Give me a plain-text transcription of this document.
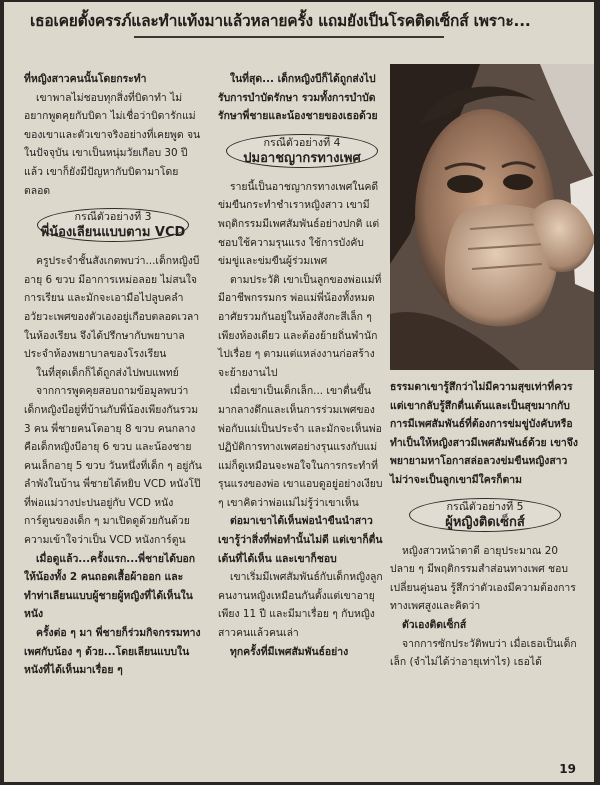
เธอเคยตั้งครรภ์และทำแท้งมาแล้วหลายครั้ง แถมยังเป็นโรคติดเซ็กส์ เพราะ...

ที่หญิงสาวคนนั้นโดยกระทำ

เขาพาลไม่ชอบทุกสิ่งที่บิดาทำ ไม่อยากพูดคุยกับบิดา ไม่เชื่อว่าบิดารักแม่ของเขาและตัวเขาจริงอย่างที่เคยพูด จนในปัจจุบัน เขาเป็นหนุ่มวัยเกือบ 30 ปีแล้ว เขาก็ยังมีปัญหากับบิดามาโดยตลอด

กรณีตัวอย่างที่ 3
พี่น้องเลียนแบบตาม VCD

ครูประจำชั้นสังเกตพบว่า...เด็กหญิงบี อายุ 6 ขวบ มีอาการเหม่อลอย ไม่สนใจการเรียน และมักจะเอามือไปลูบคลำอวัยวะเพศของตัวเองอยู่เกือบตลอดเวลาในห้องเรียน จึงได้ปรึกษากับพยาบาลประจำห้องพยาบาลของโรงเรียน

ในที่สุดเด็กก็ได้ถูกส่งไปพบแพทย์

จากการพูดคุยสอบถามข้อมูลพบว่าเด็กหญิงบีอยู่ที่บ้านกับพี่น้องเพียงกันรวม 3 คน พี่ชายคนโตอายุ 8 ขวบ คนกลางคือเด็กหญิงบีอายุ 6 ขวบ และน้องชายคนเล็กอายุ 5 ขวบ วันหนึ่งที่เด็ก ๆ อยู่กันลำพังในบ้าน พี่ชายได้หยิบ VCD หนังโป๊ที่พ่อแม่วางปะปนอยู่กับ VCD หนังการ์ตูนของเด็ก ๆ มาเปิดดูด้วยกันด้วยความเข้าใจว่าเป็น VCD หนังการ์ตูน

เมื่อดูแล้ว...ครั้งแรก...พี่ชายได้บอกให้น้องทั้ง 2 คนถอดเสื้อผ้าออก และทำท่าเลียนแบบผู้ชายผู้หญิงที่ได้เห็นในหนัง

ครั้งต่อ ๆ มา พี่ชายก็ร่วมกิจกรรมทางเพศกับน้อง ๆ ด้วย...โดยเลียนแบบในหนังที่ได้เห็นมาเรื่อย ๆ

ในที่สุด... เด็กหญิงบีก็ได้ถูกส่งไปรับการบำบัดรักษา รวมทั้งการบำบัดรักษาพี่ชายและน้องชายของเธอด้วย

กรณีตัวอย่างที่ 4
ปมอาชญากรทางเพศ

รายนี้เป็นอาชญากรทางเพศในคดีข่มขืนกระทำชำเราหญิงสาว เขามีพฤติกรรมมีเพศสัมพันธ์อย่างปกติ แต่ชอบใช้ความรุนแรง ใช้การบังคับ ข่มขู่และข่มขืนผู้ร่วมเพศ

ตามประวัติ เขาเป็นลูกของพ่อแม่ที่มีอาชีพกรรมกร พ่อแม่พี่น้องทั้งหมดอาศัยรวมกันอยู่ในห้องสังกะสีเล็ก ๆ เพียงห้องเดียว และต้องย้ายถิ่นพำนักไปเรื่อย ๆ ตามแต่แหล่งงานก่อสร้างจะย้ายงานไป

เมื่อเขาเป็นเด็กเล็ก... เขาตื่นขึ้นมากลางดึกและเห็นการร่วมเพศของพ่อกับแม่เป็นประจำ และมักจะเห็นพ่อปฏิบัติการทางเพศอย่างรุนแรงกับแม่ แม่ก็ดูเหมือนจะพอใจในการกระทำที่รุนแรงของพ่อ เขาแอบดูอยู่อย่างเงียบ ๆ เขาคิดว่าพ่อแม่ไม่รู้ว่าเขาเห็น

ต่อมาเขาได้เห็นพ่อนำขืนนำสาวเขารู้ว่าสิ่งที่พ่อทำนั้นไม่ดี แต่เขาก็ตื่นเต้นที่ได้เห็น และเขาก็ชอบ

เขาเริ่มมีเพศสัมพันธ์กับเด็กหญิงลูกคนงานหญิงเหมือนกันตั้งแต่เขาอายุเพียง 11 ปี และมีมาเรื่อย ๆ กับหญิงสาวคนแล้วคนเล่า

ทุกครั้งที่มีเพศสัมพันธ์อย่าง

ธรรมดาเขารู้สึกว่าไม่มีความสุขเท่าที่ควร แต่เขากลับรู้สึกตื่นเต้นและเป็นสุขมากกับการมีเพศสัมพันธ์ที่ต้องการข่มขู่บังคับหรือทำเป็นให้หญิงสาวมีเพศสัมพันธ์ด้วย เขาจึงพยายามหาโอกาสล่อลวงข่มขืนหญิงสาว ไม่ว่าจะเป็นลูกเขามีใครก็ตาม

กรณีตัวอย่างที่ 5
ผู้หญิงติดเซ็กส์

หญิงสาวหน้าตาดี อายุประมาณ 20 ปลาย ๆ มีพฤติกรรมสำส่อนทางเพศ ชอบเปลี่ยนคู่นอน รู้สึกว่าตัวเองมีความต้องการทางเพศสูงและคิดว่า

ตัวเองติดเซ็กส์

จากการซักประวัติพบว่า เมื่อเธอเป็นเด็กเล็ก (จำไม่ได้ว่าอายุเท่าไร) เธอได้

19
